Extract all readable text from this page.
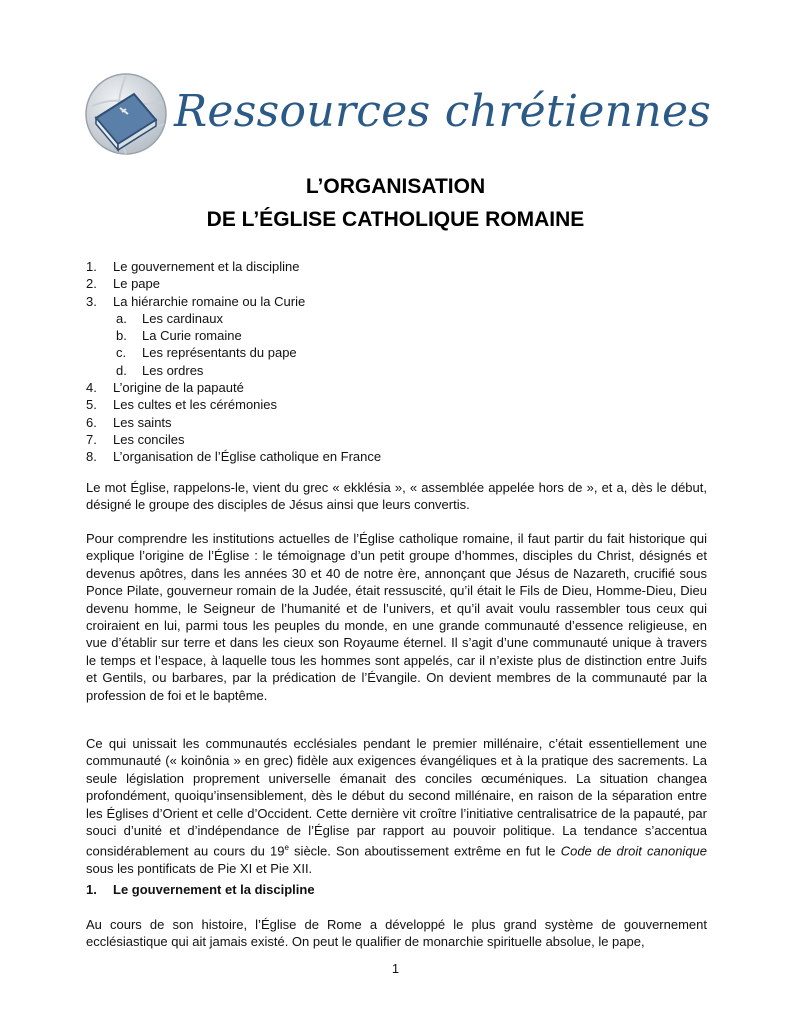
Ressources chrétiennes
L’ORGANISATION
DE L’ÉGLISE CATHOLIQUE ROMAINE
1. Le gouvernement et la discipline
2. Le pape
3. La hiérarchie romaine ou la Curie
a. Les cardinaux
b. La Curie romaine
c. Les représentants du pape
d. Les ordres
4. L’origine de la papauté
5. Les cultes et les cérémonies
6. Les saints
7. Les conciles
8. L’organisation de l’Église catholique en France

Le mot Église, rappelons-le, vient du grec « ekklésia », « assemblée appelée hors de », et a, dès le début, désigné le groupe des disciples de Jésus ainsi que leurs convertis.

Pour comprendre les institutions actuelles de l’Église catholique romaine, il faut partir du fait historique qui explique l’origine de l’Église : le témoignage d’un petit groupe d’hommes, disciples du Christ, désignés et devenus apôtres, dans les années 30 et 40 de notre ère, annonçant que Jésus de Nazareth, crucifié sous Ponce Pilate, gouverneur romain de la Judée, était ressuscité, qu’il était le Fils de Dieu, Homme-Dieu, Dieu devenu homme, le Seigneur de l’humanité et de l’univers, et qu’il avait voulu rassembler tous ceux qui croiraient en lui, parmi tous les peuples du monde, en une grande communauté d’essence religieuse, en vue d’établir sur terre et dans les cieux son Royaume éternel. Il s’agit d’une communauté unique à travers le temps et l’espace, à laquelle tous les hommes sont appelés, car il n’existe plus de distinction entre Juifs et Gentils, ou barbares, par la prédication de l’Évangile. On devient membres de la communauté par la profession de foi et le baptême.

Ce qui unissait les communautés ecclésiales pendant le premier millénaire, c’était essentiellement une communauté (« koinônia » en grec) fidèle aux exigences évangéliques et à la pratique des sacrements. La seule législation proprement universelle émanait des conciles œcuméniques. La situation changea profondément, quoiqu’insensiblement, dès le début du second millénaire, en raison de la séparation entre les Églises d’Orient et celle d’Occident. Cette dernière vit croître l’initiative centralisatrice de la papauté, par souci d’unité et d’indépendance de l’Église par rapport au pouvoir politique. La tendance s’accentua considérablement au cours du 19e siècle. Son aboutissement extrême en fut le Code de droit canonique sous les pontificats de Pie XI et Pie XII.

1. Le gouvernement et la discipline

Au cours de son histoire, l’Église de Rome a développé le plus grand système de gouvernement ecclésiastique qui ait jamais existé. On peut le qualifier de monarchie spirituelle absolue, le pape,

1
